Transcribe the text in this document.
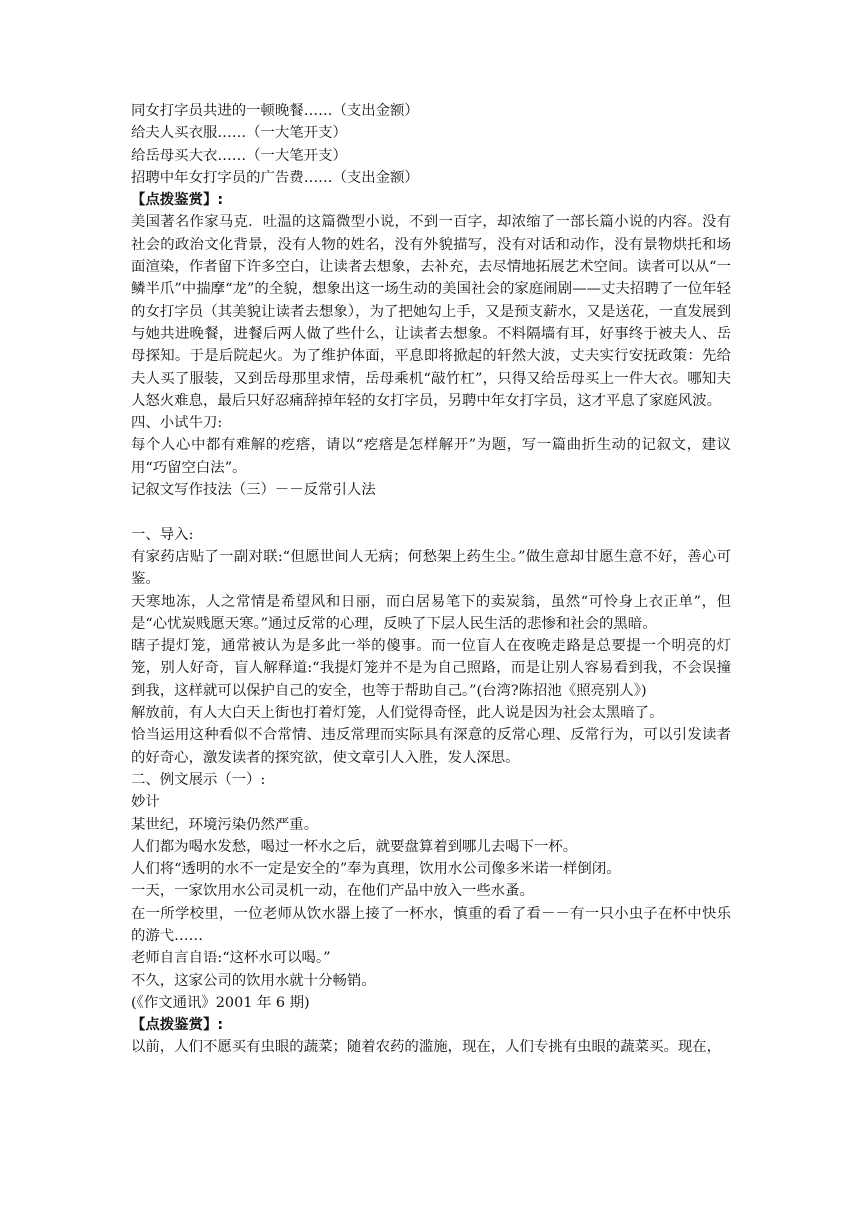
同女打字员共进的一顿晚餐……（支出金额）

给夫人买衣服……（一大笔开支）

给岳母买大衣……（一大笔开支）

招聘中年女打字员的广告费……（支出金额）

【点拨鉴赏】:

美国著名作家马克．吐温的这篇微型小说，不到一百字，却浓缩了一部长篇小说的内容。没有社会的政治文化背景，没有人物的姓名，没有外貌描写，没有对话和动作，没有景物烘托和场面渲染，作者留下许多空白，让读者去想象，去补充，去尽情地拓展艺术空间。读者可以从“一鳞半爪”中揣摩“龙”的全貌，想象出这一场生动的美国社会的家庭闹剧——丈夫招聘了一位年轻的女打字员（其美貌让读者去想象），为了把她勾上手，又是预支薪水，又是送花，一直发展到与她共进晚餐，进餐后两人做了些什么，让读者去想象。不料隔墙有耳，好事终于被夫人、岳母探知。于是后院起火。为了维护体面，平息即将掀起的轩然大波，丈夫实行安抚政策：先给夫人买了服装，又到岳母那里求情，岳母乘机“敲竹杠”，只得又给岳母买上一件大衣。哪知夫人怒火难息，最后只好忍痛辞掉年轻的女打字员，另聘中年女打字员，这才平息了家庭风波。

四、小试牛刀:

每个人心中都有难解的疙瘩，请以“疙瘩是怎样解开”为题，写一篇曲折生动的记叙文，建议用“巧留空白法”。

记叙文写作技法（三）－－反常引人法

一、导入:

有家药店贴了一副对联:“但愿世间人无病；何愁架上药生尘。”做生意却甘愿生意不好，善心可鉴。

天寒地冻，人之常情是希望风和日丽，而白居易笔下的卖炭翁，虽然“可怜身上衣正单”，但是“心忧炭贱愿天寒。”通过反常的心理，反映了下层人民生活的悲惨和社会的黑暗。

瞎子提灯笼，通常被认为是多此一举的傻事。而一位盲人在夜晚走路是总要提一个明亮的灯笼，别人好奇，盲人解释道:“我提灯笼并不是为自己照路，而是让别人容易看到我，不会误撞到我，这样就可以保护自己的安全，也等于帮助自己。”(台湾?陈招池《照亮别人》)

解放前，有人大白天上街也打着灯笼，人们觉得奇怪，此人说是因为社会太黑暗了。

恰当运用这种看似不合常情、违反常理而实际具有深意的反常心理、反常行为，可以引发读者的好奇心，激发读者的探究欲，使文章引人入胜，发人深思。

二、例文展示（一）:

妙计

某世纪，环境污染仍然严重。

人们都为喝水发愁，喝过一杯水之后，就要盘算着到哪儿去喝下一杯。

人们将“透明的水不一定是安全的”奉为真理，饮用水公司像多米诺一样倒闭。

一天，一家饮用水公司灵机一动，在他们产品中放入一些水蚤。

在一所学校里，一位老师从饮水器上接了一杯水，慎重的看了看－－有一只小虫子在杯中快乐的游弋……

老师自言自语:“这杯水可以喝。”

不久，这家公司的饮用水就十分畅销。

(《作文通讯》2001 年 6 期)

【点拨鉴赏】:

以前，人们不愿买有虫眼的蔬菜；随着农药的滥施，现在，人们专挑有虫眼的蔬菜买。现在，
